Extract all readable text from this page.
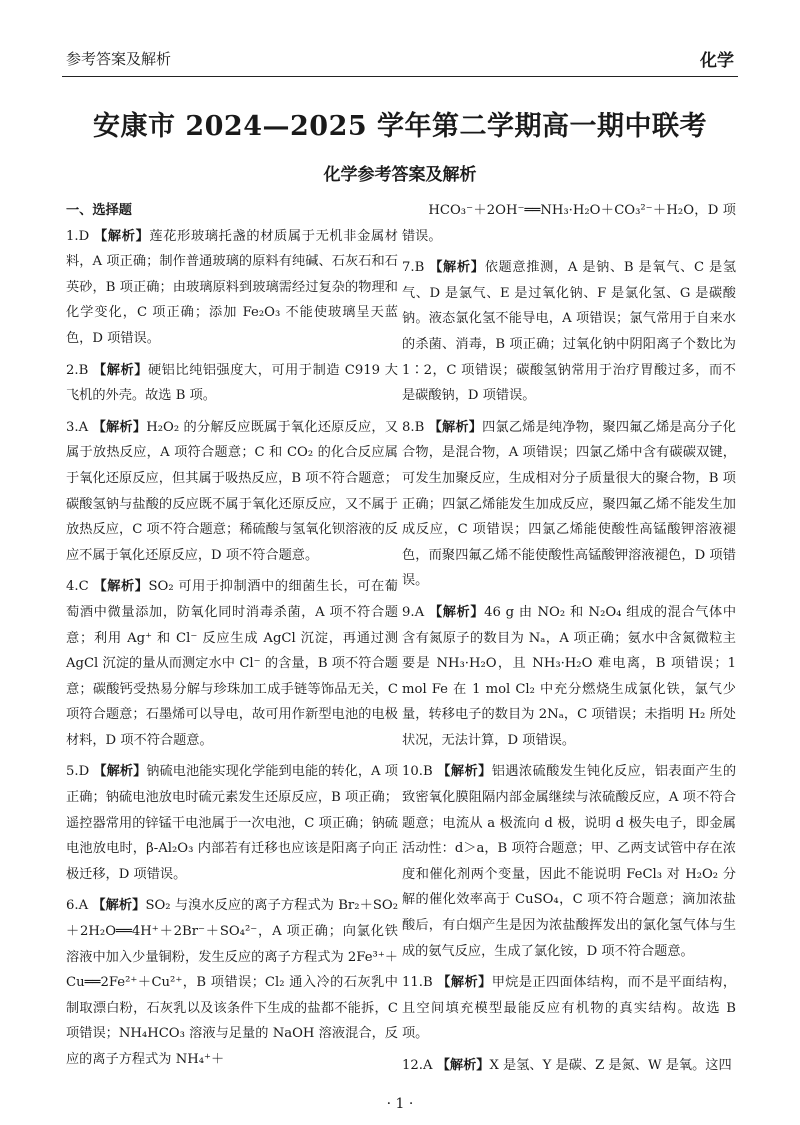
参考答案及解析	化学
安康市 2024—2025 学年第二学期高一期中联考
化学参考答案及解析

一、选择题

1.D 【解析】莲花形玻璃托盏的材质属于无机非金属材料，A 项正确；制作普通玻璃的原料有纯碱、石灰石和石英砂，B 项正确；由玻璃原料到玻璃需经过复杂的物理和化学变化，C 项正确；添加 Fe₂O₃ 不能使玻璃呈天蓝色，D 项错误。

2.B 【解析】硬铝比纯铝强度大，可用于制造 C919 大飞机的外壳。故选 B 项。

3.A 【解析】H₂O₂ 的分解反应既属于氧化还原反应，又属于放热反应，A 项符合题意；C 和 CO₂ 的化合反应属于氧化还原反应，但其属于吸热反应，B 项不符合题意；碳酸氢钠与盐酸的反应既不属于氧化还原反应，又不属于放热反应，C 项不符合题意；稀硫酸与氢氧化钡溶液的反应不属于氧化还原反应，D 项不符合题意。

4.C 【解析】SO₂ 可用于抑制酒中的细菌生长，可在葡萄酒中微量添加，防氧化同时消毒杀菌，A 项不符合题意；利用 Ag⁺ 和 Cl⁻ 反应生成 AgCl 沉淀，再通过测 AgCl 沉淀的量从而测定水中 Cl⁻ 的含量，B 项不符合题意；碳酸钙受热易分解与珍珠加工成手链等饰品无关，C 项符合题意；石墨烯可以导电，故可用作新型电池的电极材料，D 项不符合题意。

5.D 【解析】钠硫电池能实现化学能到电能的转化，A 项正确；钠硫电池放电时硫元素发生还原反应，B 项正确；遥控器常用的锌锰干电池属于一次电池，C 项正确；钠硫电池放电时，β-Al₂O₃ 内部若有迁移也应该是阳离子向正极迁移，D 项错误。

6.A 【解析】SO₂ 与溴水反应的离子方程式为 Br₂＋SO₂＋2H₂O══4H⁺＋2Br⁻＋SO₄²⁻，A 项正确；向氯化铁溶液中加入少量铜粉，发生反应的离子方程式为 2Fe³⁺＋Cu══2Fe²⁺＋Cu²⁺，B 项错误；Cl₂ 通入冷的石灰乳中制取漂白粉，石灰乳以及该条件下生成的盐都不能拆，C 项错误；NH₄HCO₃ 溶液与足量的 NaOH 溶液混合，反应的离子方程式为 NH₄⁺＋

HCO₃⁻＋2OH⁻══NH₃·H₂O＋CO₃²⁻＋H₂O，D 项错误。

7.B 【解析】依题意推测，A 是钠、B 是氧气、C 是氢气、D 是氯气、E 是过氧化钠、F 是氯化氢、G 是碳酸钠。液态氯化氢不能导电，A 项错误；氯气常用于自来水的杀菌、消毒，B 项正确；过氧化钠中阴阳离子个数比为 1∶2，C 项错误；碳酸氢钠常用于治疗胃酸过多，而不是碳酸钠，D 项错误。

8.B 【解析】四氯乙烯是纯净物，聚四氟乙烯是高分子化合物，是混合物，A 项错误；四氯乙烯中含有碳碳双键，可发生加聚反应，生成相对分子质量很大的聚合物，B 项正确；四氯乙烯能发生加成反应，聚四氟乙烯不能发生加成反应，C 项错误；四氯乙烯能使酸性高锰酸钾溶液褪色，而聚四氟乙烯不能使酸性高锰酸钾溶液褪色，D 项错误。

9.A 【解析】46 g 由 NO₂ 和 N₂O₄ 组成的混合气体中含有氮原子的数目为 Nₐ，A 项正确；氨水中含氮微粒主要是 NH₃·H₂O，且 NH₃·H₂O 难电离，B 项错误；1 mol Fe 在 1 mol Cl₂ 中充分燃烧生成氯化铁，氯气少量，转移电子的数目为 2Nₐ，C 项错误；未指明 H₂ 所处状况，无法计算，D 项错误。

10.B 【解析】铝遇浓硫酸发生钝化反应，铝表面产生的致密氧化膜阻隔内部金属继续与浓硫酸反应，A 项不符合题意；电流从 a 极流向 d 极，说明 d 极失电子，即金属活动性：d＞a，B 项符合题意；甲、乙两支试管中存在浓度和催化剂两个变量，因此不能说明 FeCl₃ 对 H₂O₂ 分解的催化效率高于 CuSO₄，C 项不符合题意；滴加浓盐酸后，有白烟产生是因为浓盐酸挥发出的氯化氢气体与生成的氨气反应，生成了氯化铵，D 项不符合题意。

11.B 【解析】甲烷是正四面体结构，而不是平面结构，且空间填充模型最能反应有机物的真实结构。故选 B 项。

12.A 【解析】X 是氢、Y 是碳、Z 是氮、W 是氧。这四

· 1 ·
